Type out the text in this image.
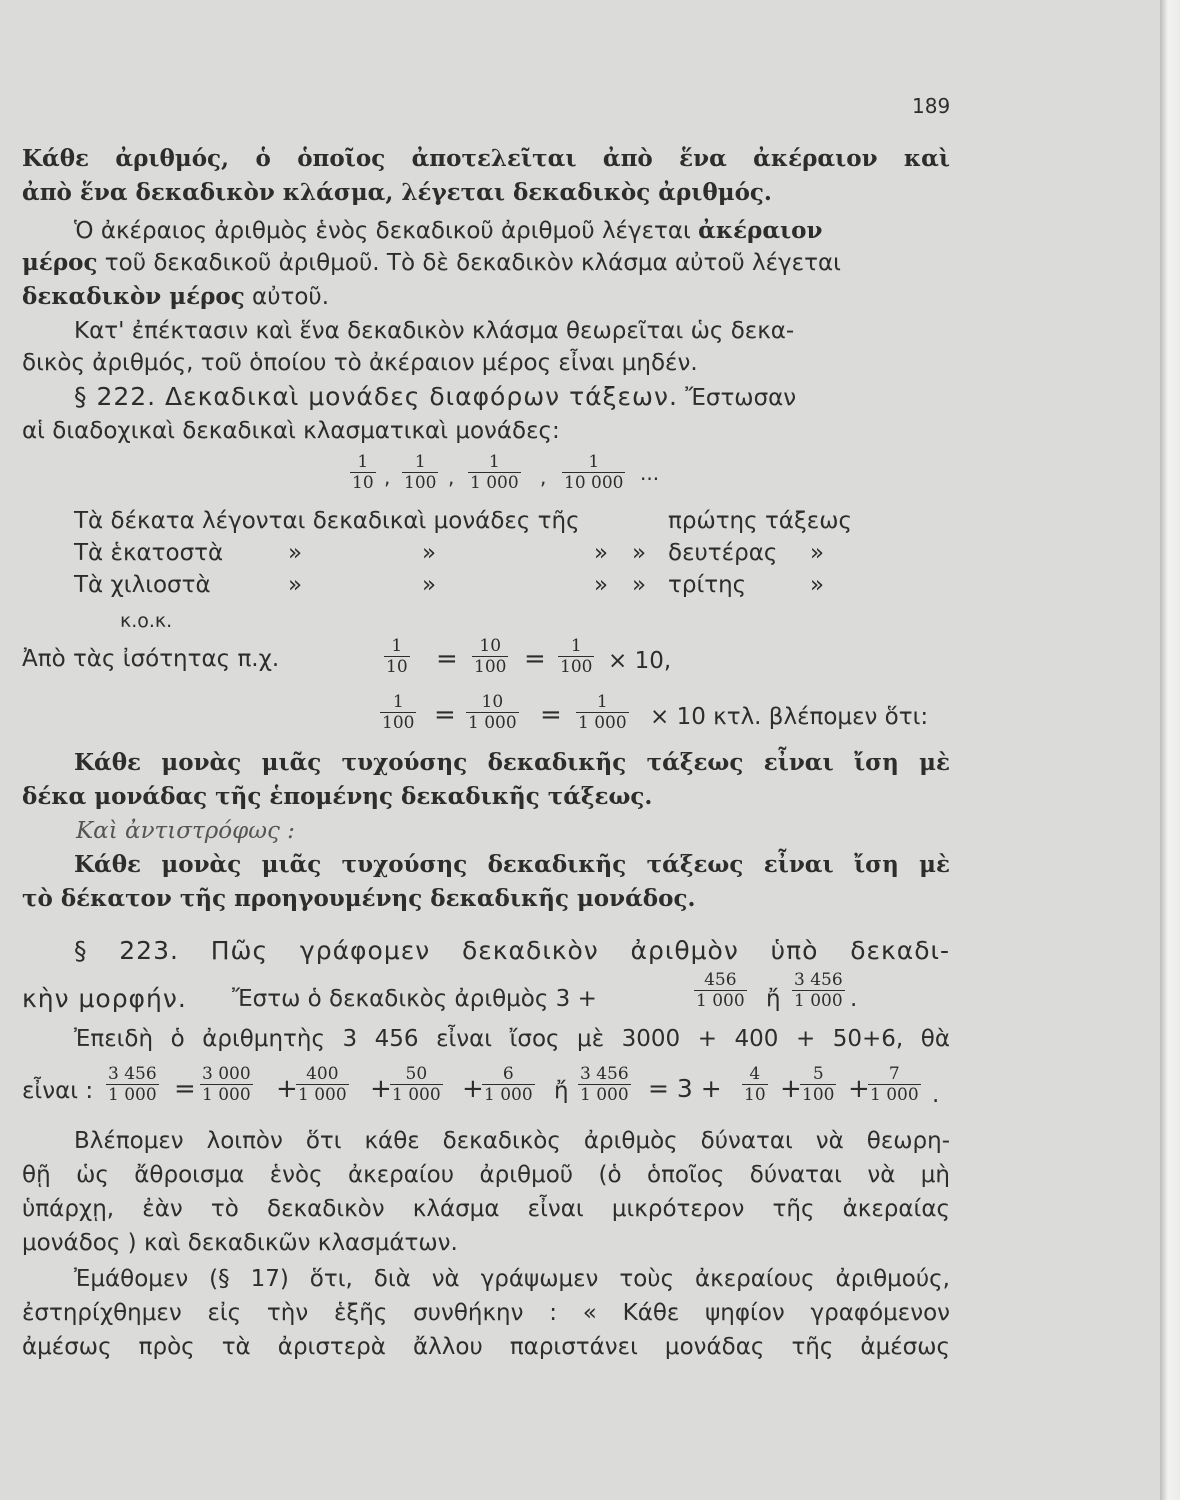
189
Κάθε ἀριθμός, ὁ ὁποῖος ἀποτελεῖται ἀπὸ ἕνα ἀκέραιον καὶ
ἀπὸ ἕνα δεκαδικὸν κλάσμα, λέγεται δεκαδικὸς ἀριθμός.
Ὁ ἀκέραιος ἀριθμὸς ἑνὸς δεκαδικοῦ ἀριθμοῦ λέγεται ἀκέραιον
μέρος τοῦ δεκαδικοῦ ἀριθμοῦ. Τὸ δὲ δεκαδικὸν κλάσμα αὐτοῦ λέγεται
δεκαδικὸν μέρος αὐτοῦ.
Κατ' ἐπέκτασιν καὶ ἕνα δεκαδικὸν κλάσμα θεωρεῖται ὡς δεκα-
δικὸς ἀριθμός, τοῦ ὁποίου τὸ ἀκέραιον μέρος εἶναι μηδέν.
§ 222. Δεκαδικαὶ μονάδες διαφόρων τάξεων. Ἔστωσαν
αἱ διαδοχικαὶ δεκαδικαὶ κλασματικαὶ μονάδες:
$\frac{1}{10}$ , $\frac{1}{100}$ , $\frac{1}{1 000}$ , $\frac{1}{10 000}$ ...
Τὰ δέκατα λέγονται δεκαδικαὶ μονάδες τῆς	πρώτης τάξεως
Τὰ ἑκατοστὰ	»	»	» » δευτέρας »
Τὰ χιλιοστὰ	»	»	» » τρίτης	»
κ.ο.κ.
Ἀπὸ τὰς ἰσότητας π.χ.	$\frac{1}{10} = \frac{10}{100} = \frac{1}{100} \times 10$,
$\frac{1}{100} = \frac{10}{1 000} = \frac{1}{1 000} \times 10$ κτλ. βλέπομεν ὅτι:
Κάθε μονὰς μιᾶς τυχούσης δεκαδικῆς τάξεως εἶναι ἴση μὲ
δέκα μονάδας τῆς ἑπομένης δεκαδικῆς τάξεως.
Καὶ ἀντιστρόφως :
Κάθε μονὰς μιᾶς τυχούσης δεκαδικῆς τάξεως εἶναι ἴση μὲ
τὸ δέκατον τῆς προηγουμένης δεκαδικῆς μονάδος.
§ 223. Πῶς γράφομεν δεκαδικὸν ἀριθμὸν ὑπὸ δεκαδι-
κὴν μορφήν. Ἔστω ὁ δεκαδικὸς ἀριθμὸς 3 +	$\frac{456}{1 000}$ ἤ $\frac{3 456}{1 000}$ .
Ἐπειδὴ ὁ ἀριθμητὴς 3 456 εἶναι ἴσος μὲ 3000 + 400 + 50+6, θὰ
εἶναι : $\frac{3 456}{1 000} = \frac{3 000}{1 000}$ +
$\frac{400}{1 000}$ +
$\frac{50}{1 000}$ +
$\frac{6}{1 000}$ ἤ $\frac{3 456}{1 000} = 3 + \frac{4}{10}$ +
$\frac{5}{100}$ +
$\frac{7}{1 000}$ .
Βλέπομεν λοιπὸν ὅτι κάθε δεκαδικὸς ἀριθμὸς δύναται νὰ θεωρη-
θῇ ὡς ἄθροισμα ἑνὸς ἀκεραίου ἀριθμοῦ (ὁ ὁποῖος δύναται νὰ μὴ
ὑπάρχῃ, ἐὰν τὸ δεκαδικὸν κλάσμα εἶναι μικρότερον τῆς ἀκεραίας
μονάδος ) καὶ δεκαδικῶν κλασμάτων.
Ἐμάθομεν (§ 17) ὅτι, διὰ νὰ γράψωμεν τοὺς ἀκεραίους ἀριθμούς,
ἐστηρίχθημεν εἰς τὴν ἑξῆς συνθήκην : « Κάθε ψηφίον γραφόμενον
ἀμέσως πρὸς τὰ ἀριστερὰ ἄλλου παριστάνει μονάδας τῆς ἀμέσως
